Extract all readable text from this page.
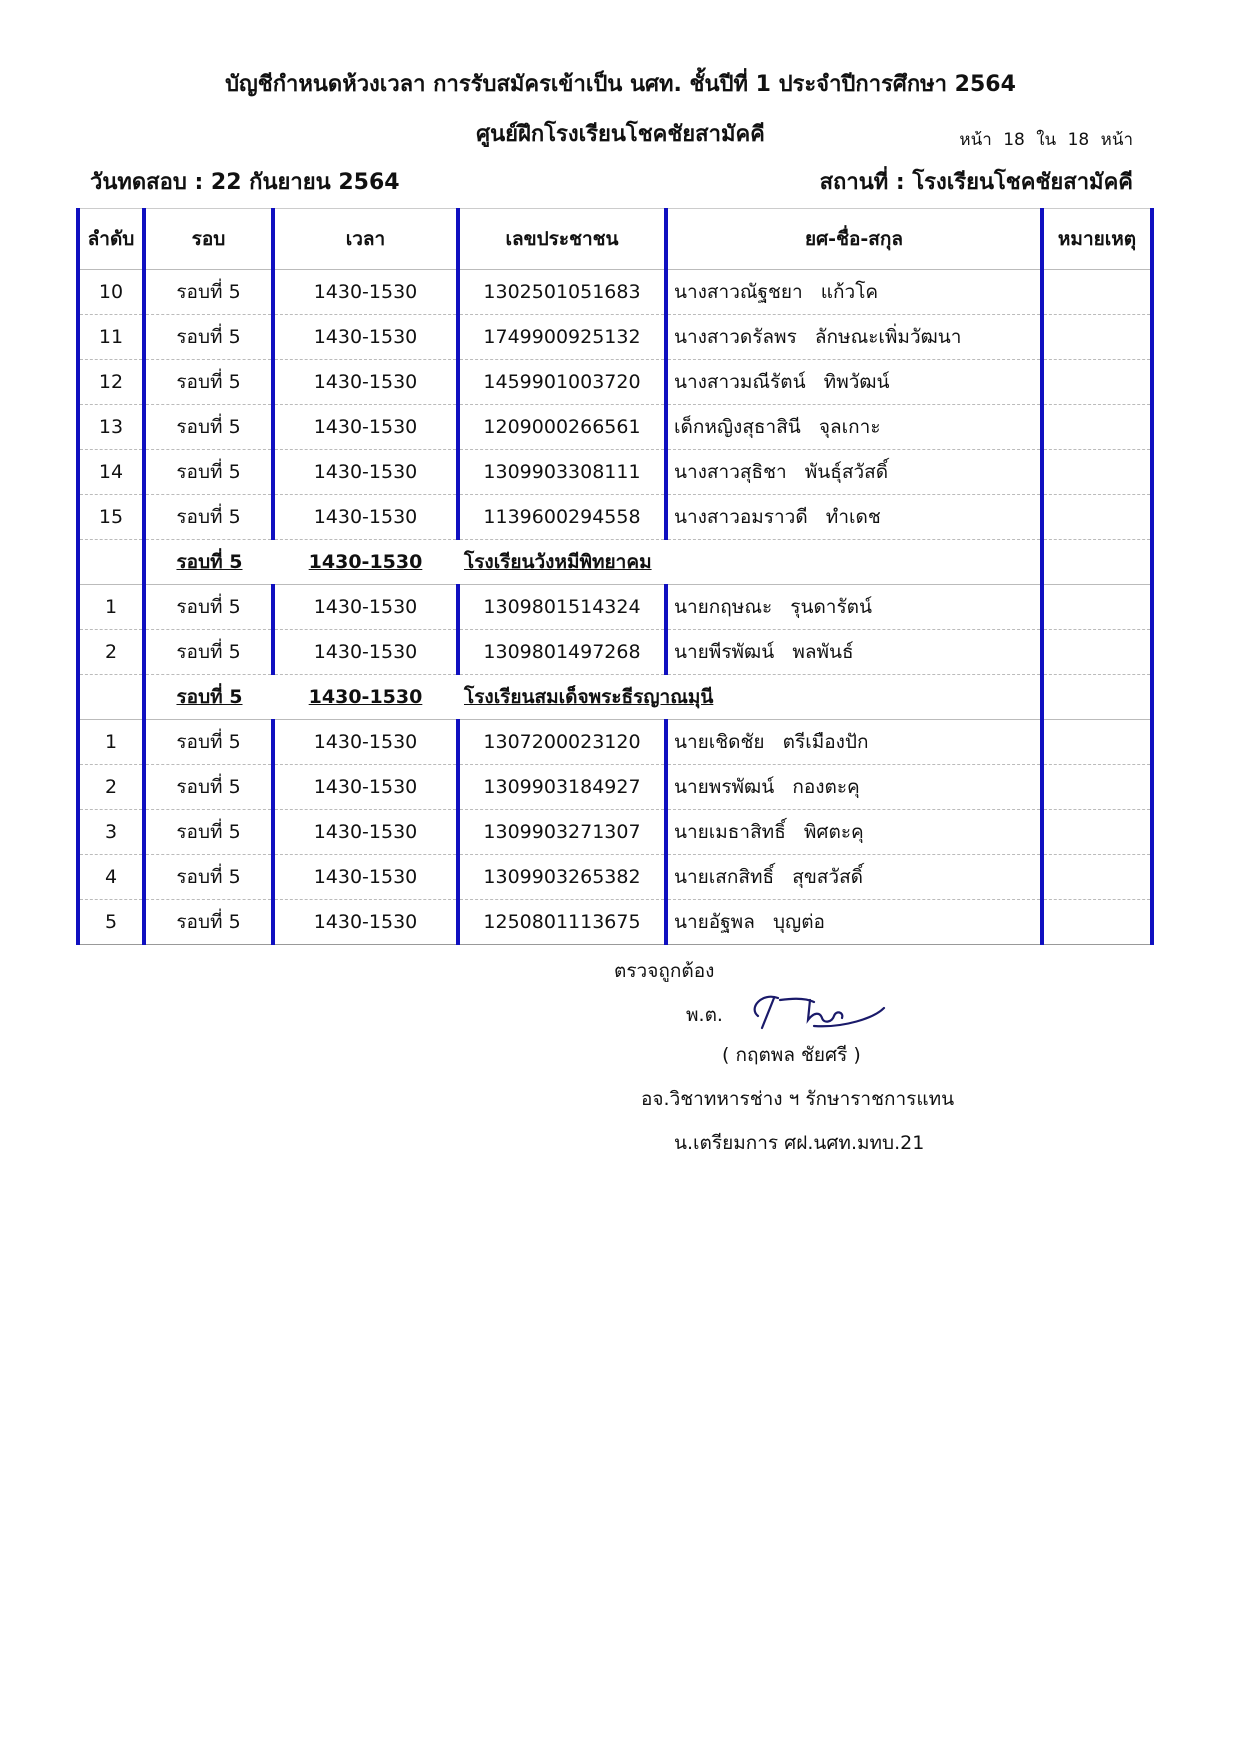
บัญชีกำหนดห้วงเวลา การรับสมัครเข้าเป็น นศท. ชั้นปีที่ 1 ประจำปีการศึกษา 2564
ศูนย์ฝึกโรงเรียนโชคชัยสามัคคี	หน้า 18 ใน 18 หน้า
วันทดสอบ : 22 กันยายน 2564	สถานที่ : โรงเรียนโชคชัยสามัคคี
ลำดับ	รอบ	เวลา	เลขประชาชน	ยศ-ชื่อ-สกุล	หมายเหตุ
10	รอบที่ 5	1430-1530	1302501051683	นางสาวณัฐชยา   แก้วโค	
11	รอบที่ 5	1430-1530	1749900925132	นางสาวดรัลพร   ลักษณะเพิ่มวัฒนา	
12	รอบที่ 5	1430-1530	1459901003720	นางสาวมณีรัตน์   ทิพวัฒน์	
13	รอบที่ 5	1430-1530	1209000266561	เด็กหญิงสุธาสินี   จุลเกาะ	
14	รอบที่ 5	1430-1530	1309903308111	นางสาวสุธิชา   พันธุ์สวัสดิ์	
15	รอบที่ 5	1430-1530	1139600294558	นางสาวอมราวดี   ทำเดช	
	รอบที่ 5	1430-1530	โรงเรียนวังหมีพิทยาคม		
1	รอบที่ 5	1430-1530	1309801514324	นายกฤษณะ   รุนดารัตน์	
2	รอบที่ 5	1430-1530	1309801497268	นายพีรพัฒน์   พลพันธ์	
	รอบที่ 5	1430-1530	โรงเรียนสมเด็จพระธีรญาณมุนี		
1	รอบที่ 5	1430-1530	1307200023120	นายเชิดชัย   ตรีเมืองปัก	
2	รอบที่ 5	1430-1530	1309903184927	นายพรพัฒน์   กองตะคุ	
3	รอบที่ 5	1430-1530	1309903271307	นายเมธาสิทธิ์   พิศตะคุ	
4	รอบที่ 5	1430-1530	1309903265382	นายเสกสิทธิ์   สุขสวัสดิ์	
5	รอบที่ 5	1430-1530	1250801113675	นายอัฐพล   บุญต่อ	
ตรวจถูกต้อง
พ.ต.
( กฤตพล ชัยศรี )
อจ.วิชาทหารช่าง ฯ รักษาราชการแทน
น.เตรียมการ ศฝ.นศท.มทบ.21
